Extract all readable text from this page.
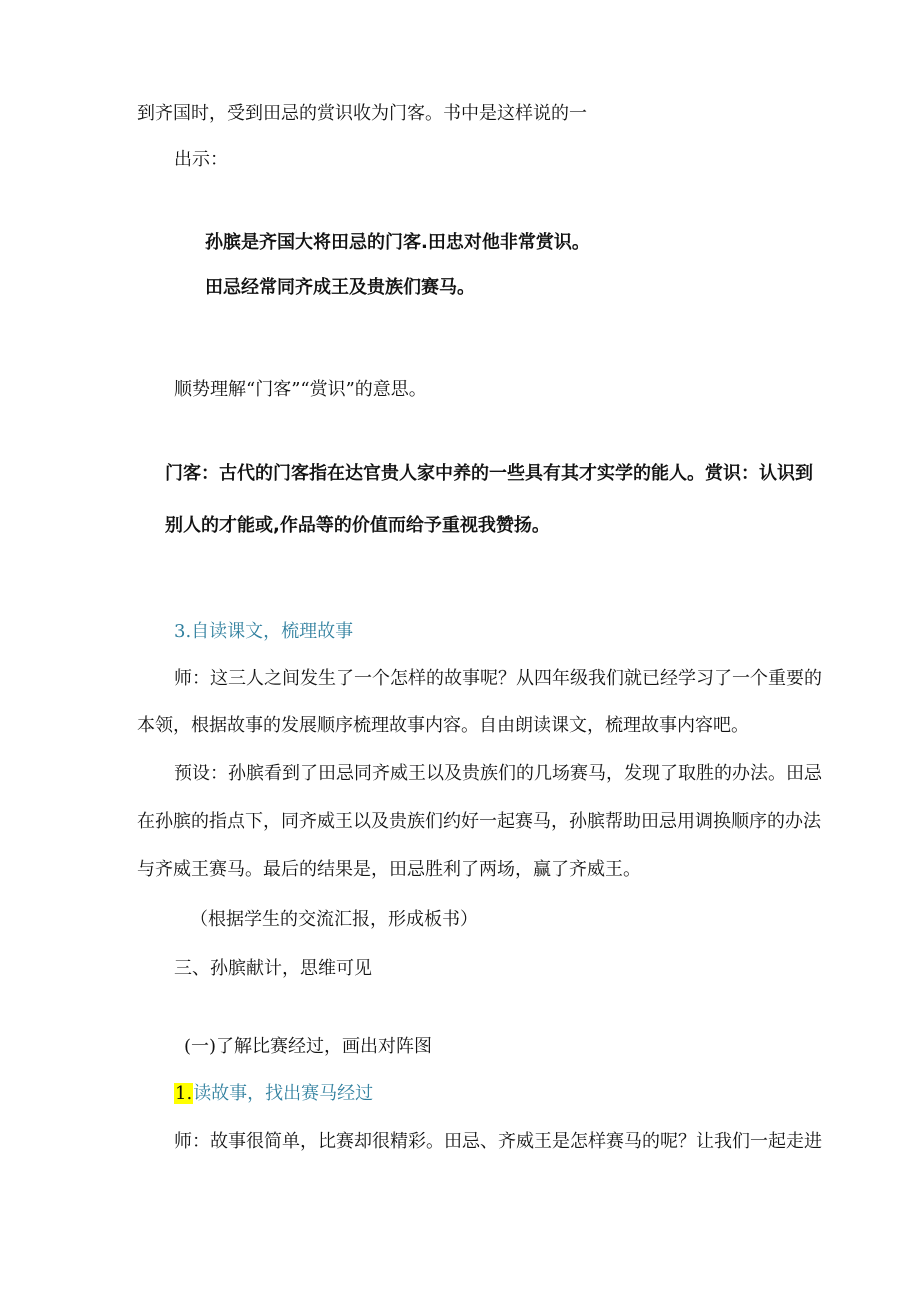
到齐国时，受到田忌的赏识收为门客。书中是这样说的一
出示：
孙膑是齐国大将田忌的门客.田忠对他非常赏识。
田忌经常同齐成王及贵族们赛马。
顺势理解“门客”“赏识”的意思。
门客：古代的门客指在达官贵人家中养的一些具有其才实学的能人。赏识：认识到
别人的才能或,作品等的价值而给予重视我赞扬。
3.自读课文，梳理故事
师：这三人之间发生了一个怎样的故事呢？从四年级我们就已经学习了一个重要的
本领，根据故事的发展顺序梳理故事内容。自由朗读课文，梳理故事内容吧。
预设：孙膑看到了田忌同齐威王以及贵族们的几场赛马，发现了取胜的办法。田忌
在孙膑的指点下，同齐威王以及贵族们约好一起赛马，孙膑帮助田忌用调换顺序的办法
与齐威王赛马。最后的结果是，田忌胜利了两场，赢了齐威王。
（根据学生的交流汇报，形成板书）
三、孙膑献计，思维可见
(一)了解比赛经过，画出对阵图
1.读故事，找出赛马经过
师：故事很简单，比赛却很精彩。田忌、齐威王是怎样赛马的呢？让我们一起走进
